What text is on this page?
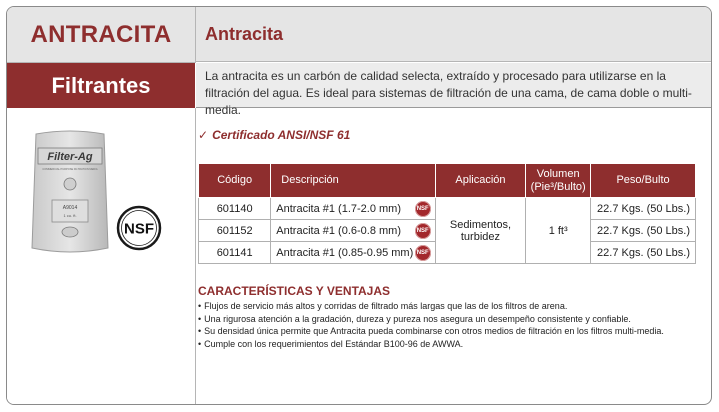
ANTRACITA
Filtrantes
Antracita
La antracita es un carbón de calidad selecta, extraído y procesado para utilizarse en la filtración del agua. Es ideal para sistemas de filtración de una cama, de cama doble o multi-media.
Filter-Ag
COMMERCIAL PURPOSE FILTRATION MEDIA
A9014
1 cu. ft.
NSF
✓ Certificado ANSI/NSF 61
Código	Descripción	Aplicación	Volumen (Pie³/Bulto)	Peso/Bulto
601140	Antracita #1 (1.7-2.0 mm) NSF	Sedimentos, turbidez	1 ft³	22.7 Kgs. (50 Lbs.)
601152	Antracita #1 (0.6-0.8 mm) NSF			22.7 Kgs. (50 Lbs.)
601141	Antracita #1 (0.85-0.95 mm) NSF			22.7 Kgs. (50 Lbs.)
CARACTERÍSTICAS Y VENTAJAS
• Flujos de servicio más altos y corridas de filtrado más largas que las de los filtros de arena.
• Una rigurosa atención a la gradación, dureza y pureza nos asegura un desempeño consistente y confiable.
• Su densidad única permite que Antracita pueda combinarse con otros medios de filtración en los filtros multi-media.
• Cumple con los requerimientos del Estándar B100-96 de AWWA.
